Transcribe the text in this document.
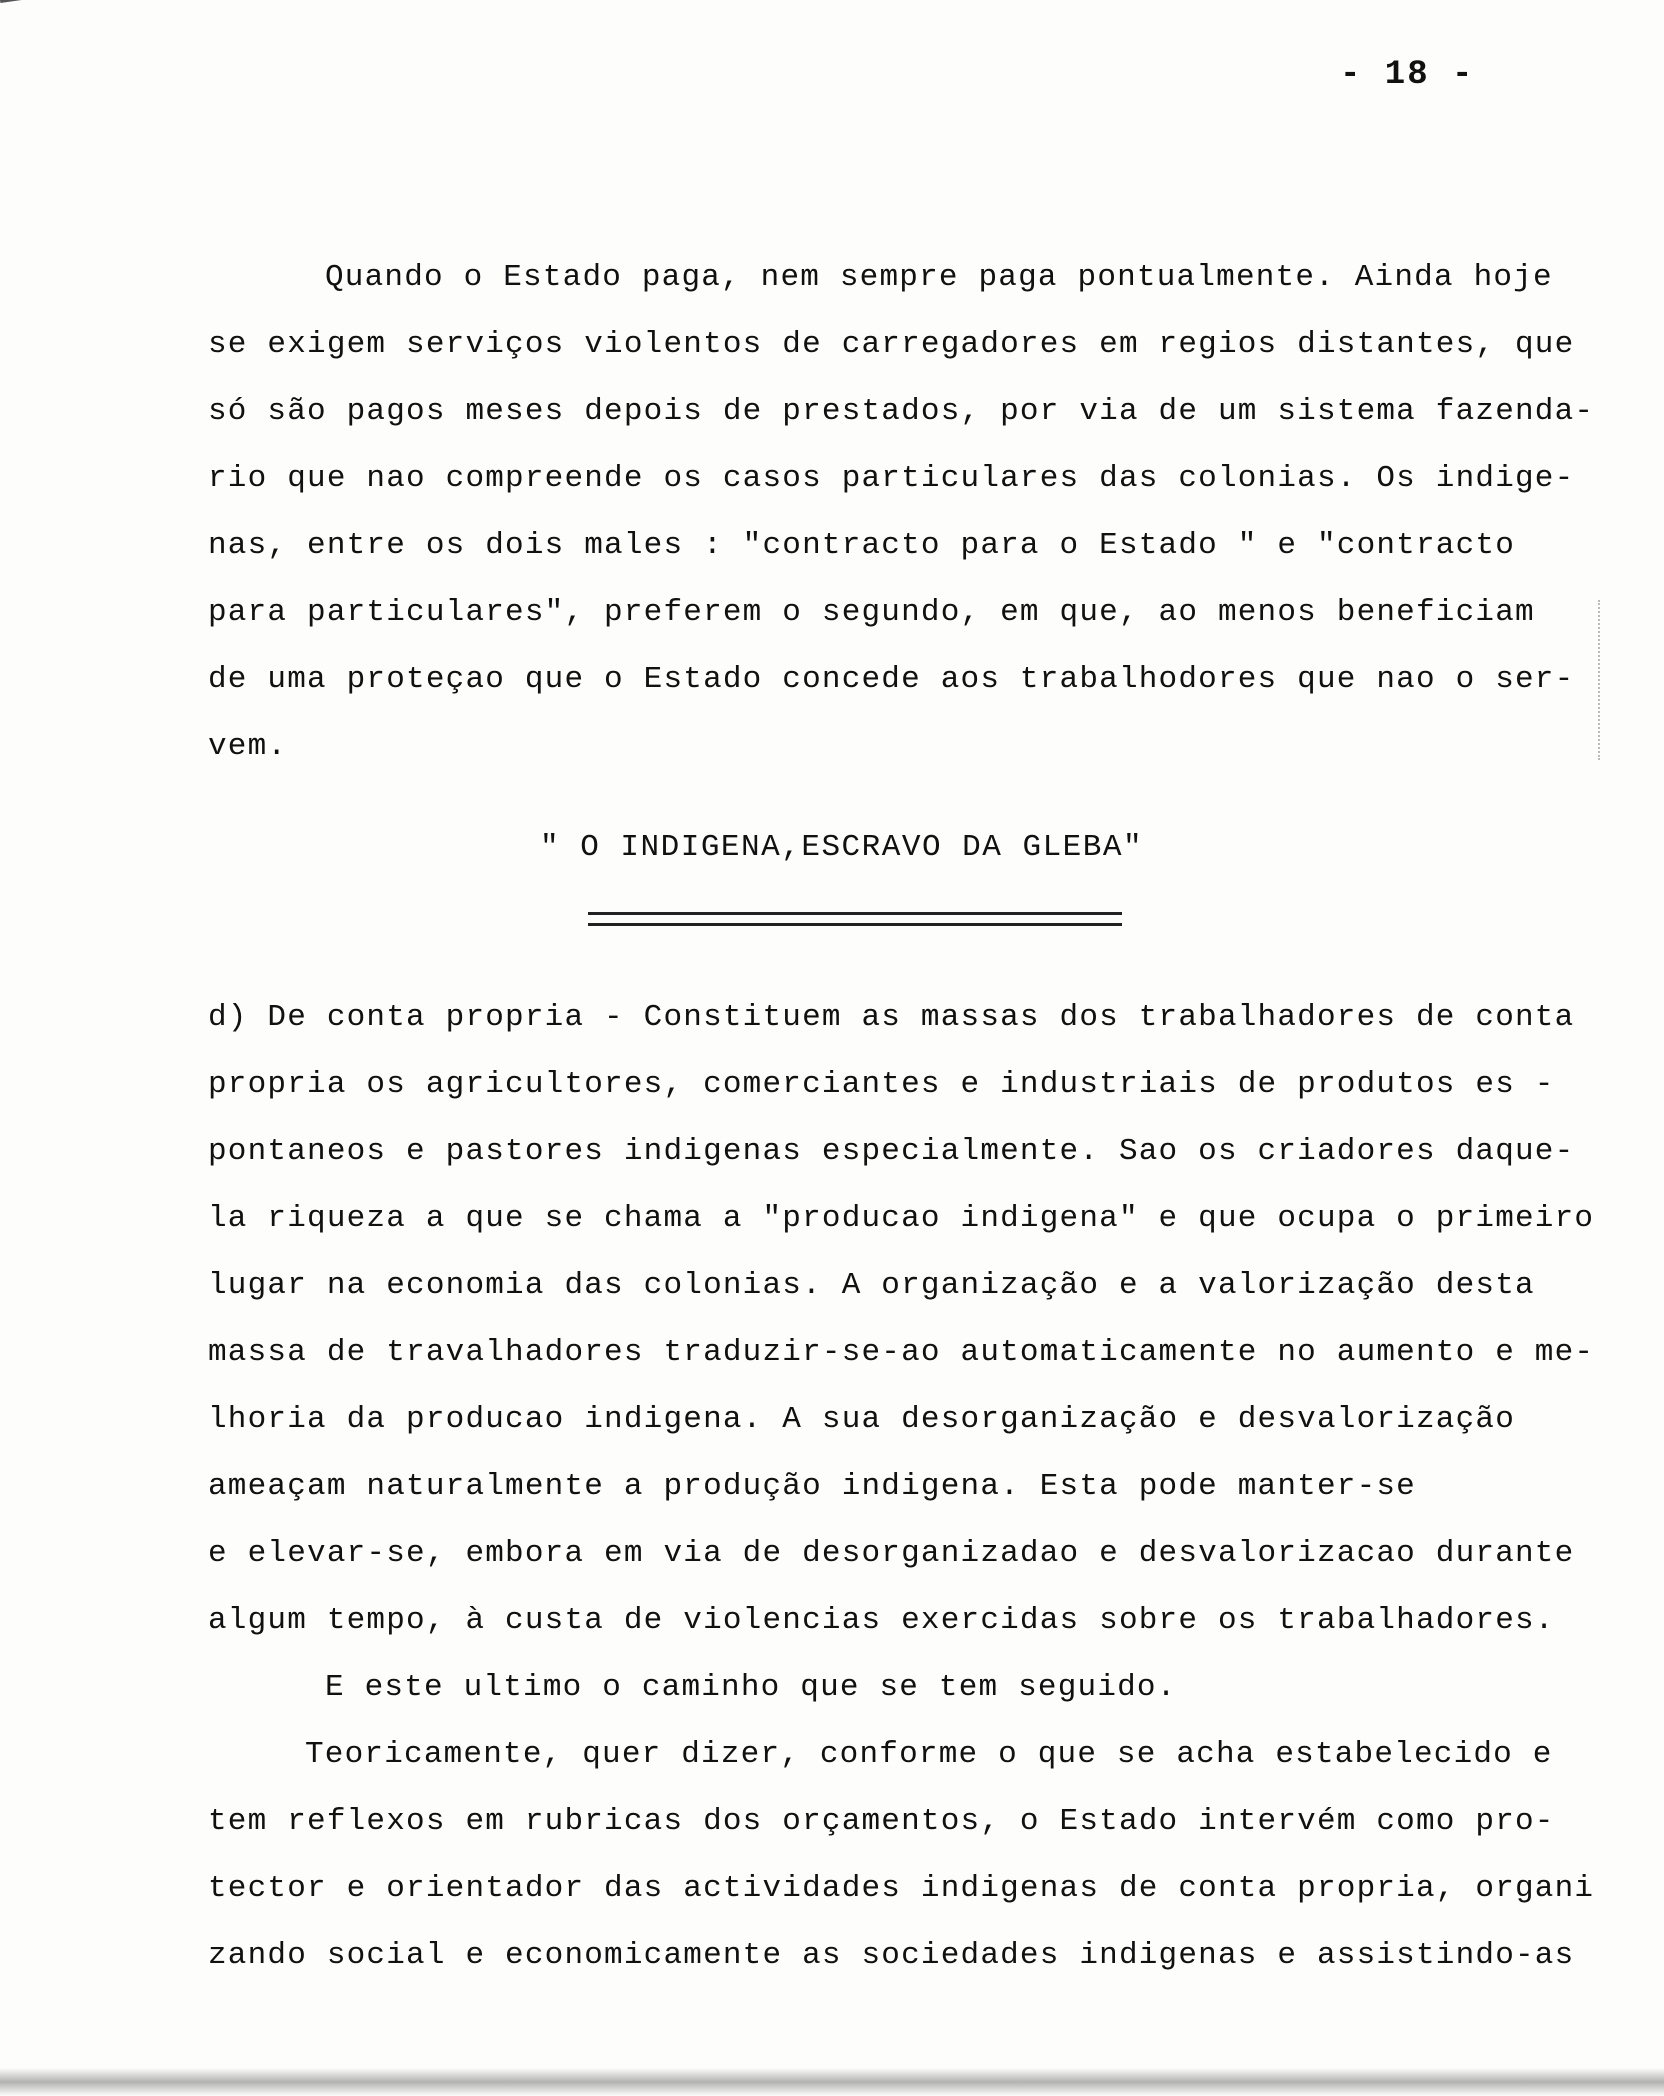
- 18 -
Quando o Estado paga, nem sempre paga pontualmente. Ainda hoje
se exigem serviços violentos de carregadores em regios distantes, que
só são pagos meses depois de prestados, por via de um sistema fazenda-
rio que nao compreende os casos particulares das colonias. Os indige-
nas, entre os dois males : "contracto para o Estado " e "contracto
para particulares", preferem o segundo, em que, ao menos beneficiam
de uma proteçao que o Estado concede aos trabalhodores que nao o ser-
vem.
" O INDIGENA,ESCRAVO DA GLEBA"
d) De conta propria - Constituem as massas dos trabalhadores de conta
propria os agricultores, comerciantes e industriais de produtos es -
pontaneos e pastores indigenas especialmente. Sao os criadores daque-
la riqueza a que se chama a "producao indigena" e que ocupa o primeiro
lugar na economia das colonias. A organização e a valorização desta
massa de travalhadores traduzir-se-ao automaticamente no aumento e me-
lhoria da producao indigena. A sua desorganização e desvalorização
ameaçam naturalmente a produção indigena. Esta pode manter-se
e elevar-se, embora em via de desorganizadao e desvalorizacao durante
algum tempo, à custa de violencias exercidas sobre os trabalhadores.
E este ultimo o caminho que se tem seguido.
Teoricamente, quer dizer, conforme o que se acha estabelecido e
tem reflexos em rubricas dos orçamentos, o Estado intervém como pro-
tector e orientador das actividades indigenas de conta propria, organi
zando social e economicamente as sociedades indigenas e assistindo-as
